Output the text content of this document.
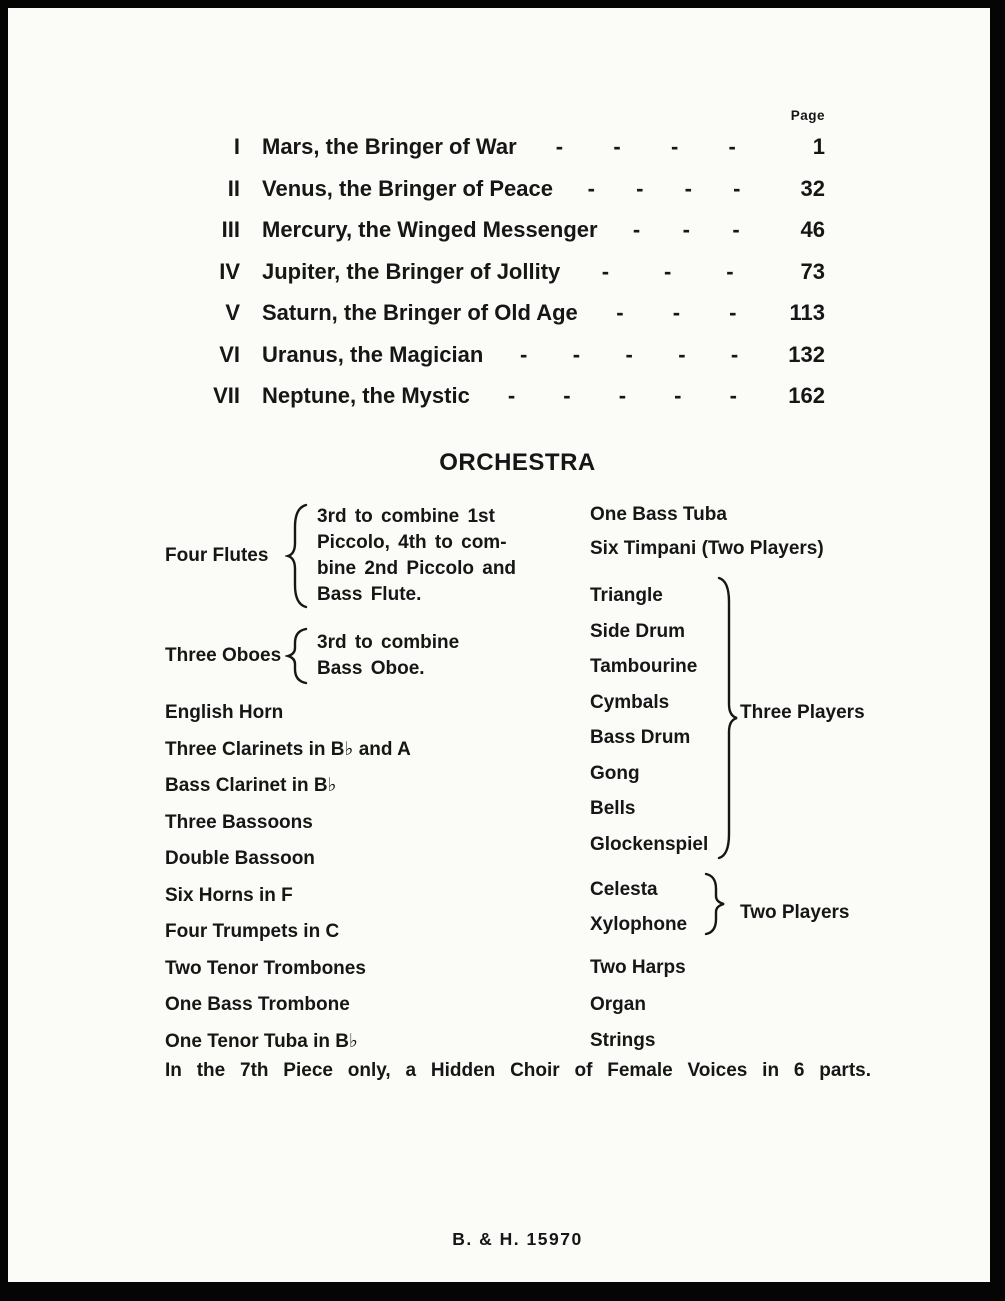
Page
I Mars, the Bringer of War - - - -	1
II Venus, the Bringer of Peace - - - -	32
III Mercury, the Winged Messenger - - -	46
IV Jupiter, the Bringer of Jollity - - -	73
V Saturn, the Bringer of Old Age - - -	113
VI Uranus, the Magician - - - - -	132
VII Neptune, the Mystic - - - - -	162
ORCHESTRA
Four Flutes
3rd to combine 1st
Piccolo, 4th to com-
bine 2nd Piccolo and
Bass Flute.
Three Oboes
3rd to combine
Bass Oboe.
English Horn
Three Clarinets in B♭ and A
Bass Clarinet in B♭
Three Bassoons
Double Bassoon
Six Horns in F
Four Trumpets in C
Two Tenor Trombones
One Bass Trombone
One Tenor Tuba in B♭
One Bass Tuba
Six Timpani (Two Players)
Triangle
Side Drum
Tambourine
Cymbals
Bass Drum
Gong
Bells
Glockenspiel
Three Players
Celesta
Xylophone
Two Players
Two Harps
Organ
Strings
In the 7th Piece only, a Hidden Choir of Female Voices in 6 parts.
B. & H. 15970
